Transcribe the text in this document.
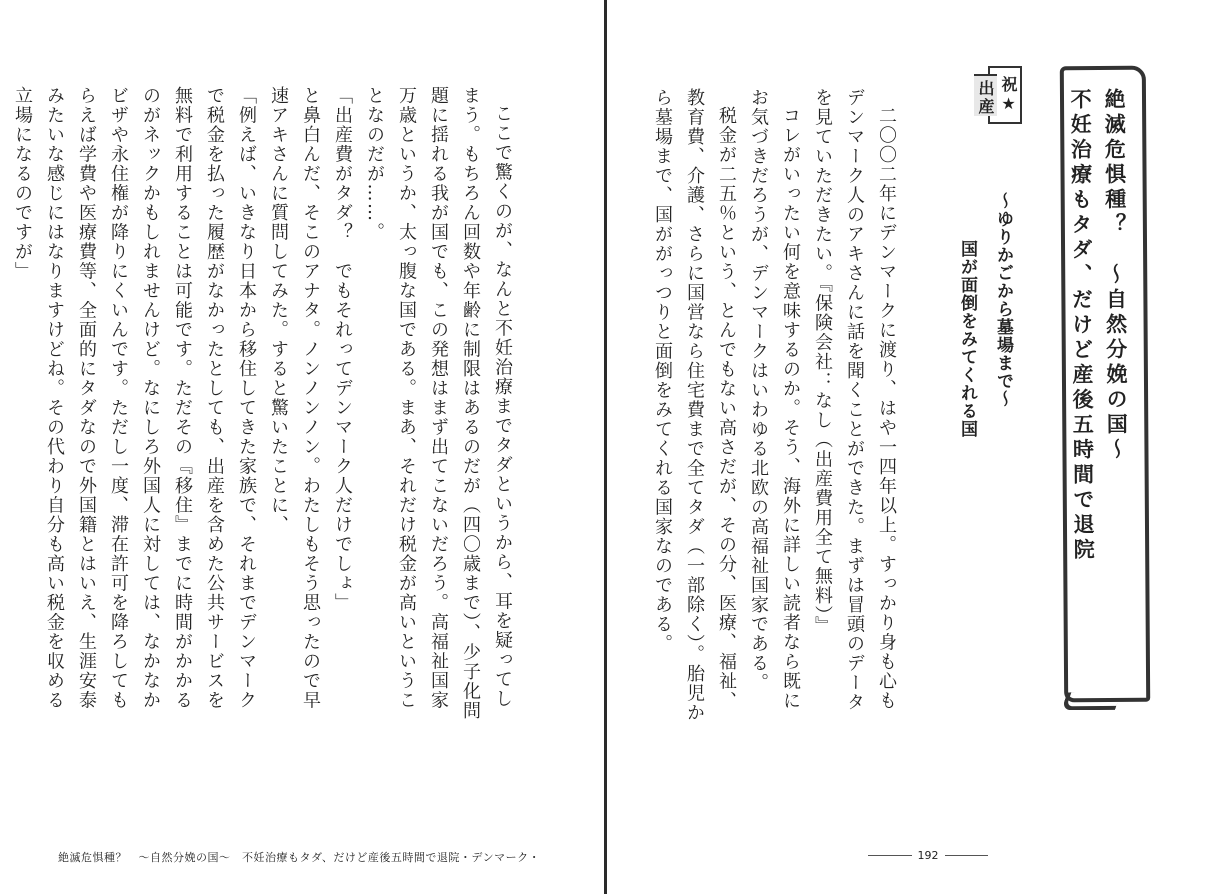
ここで驚くのが、なんと不妊治療までタダというから、耳を疑ってしまう。もちろん回数や年齢に制限はあるのだが（四〇歳まで）、少子化問題に揺れる我が国でも、この発想はまず出てこないだろう。高福祉国家万歳というか、太っ腹な国である。まあ、それだけ税金が高いということなのだが……。

「出産費がタダ？　でもそれってデンマーク人だけでしょ」

と鼻白んだ、そこのアナタ。ノンノンノン。わたしもそう思ったので早速アキさんに質問してみた。すると驚いたことに、

「例えば、いきなり日本から移住してきた家族で、それまでデンマークで税金を払った履歴がなかったとしても、出産を含めた公共サービスを無料で利用することは可能です。ただその『移住』までに時間がかかるのがネックかもしれませんけど。なにしろ外国人に対しては、なかなかビザや永住権が降りにくいんです。ただし一度、滞在許可を降ろしてもらえば学費や医療費等、全面的にタダなので外国籍とはいえ、生涯安泰みたいな感じにはなりますけどね。その代わり自分も高い税金を収める立場になるのですが」	二〇〇二年にデンマークに渡り、はや一四年以上。すっかり身も心もデンマーク人のアキさんに話を聞くことができた。まずは冒頭のデータを見ていただきたい。『保険会社：なし（出産費用全て無料）』

コレがいったい何を意味するのか。そう、海外に詳しい読者なら既にお気づきだろうが、デンマークはいわゆる北欧の高福祉国家である。

税金が二五％という、とんでもない高さだが、その分、医療、福祉、教育費、介護、さらに国営なら住宅費まで全てタダ（一部除く）。胎児から墓場まで、国ががっつりと面倒をみてくれる国家なのである。	絶滅危惧種？　〜自然分娩の国〜
不妊治療もタダ、だけど産後五時間で退院
祝★
出産
〜ゆりかごから墓場まで〜
国が面倒をみてくれる国
絶滅危惧種？　〜自然分娩の国〜　不妊治療もタダ、だけど産後五時間で退院・デンマーク・	192
